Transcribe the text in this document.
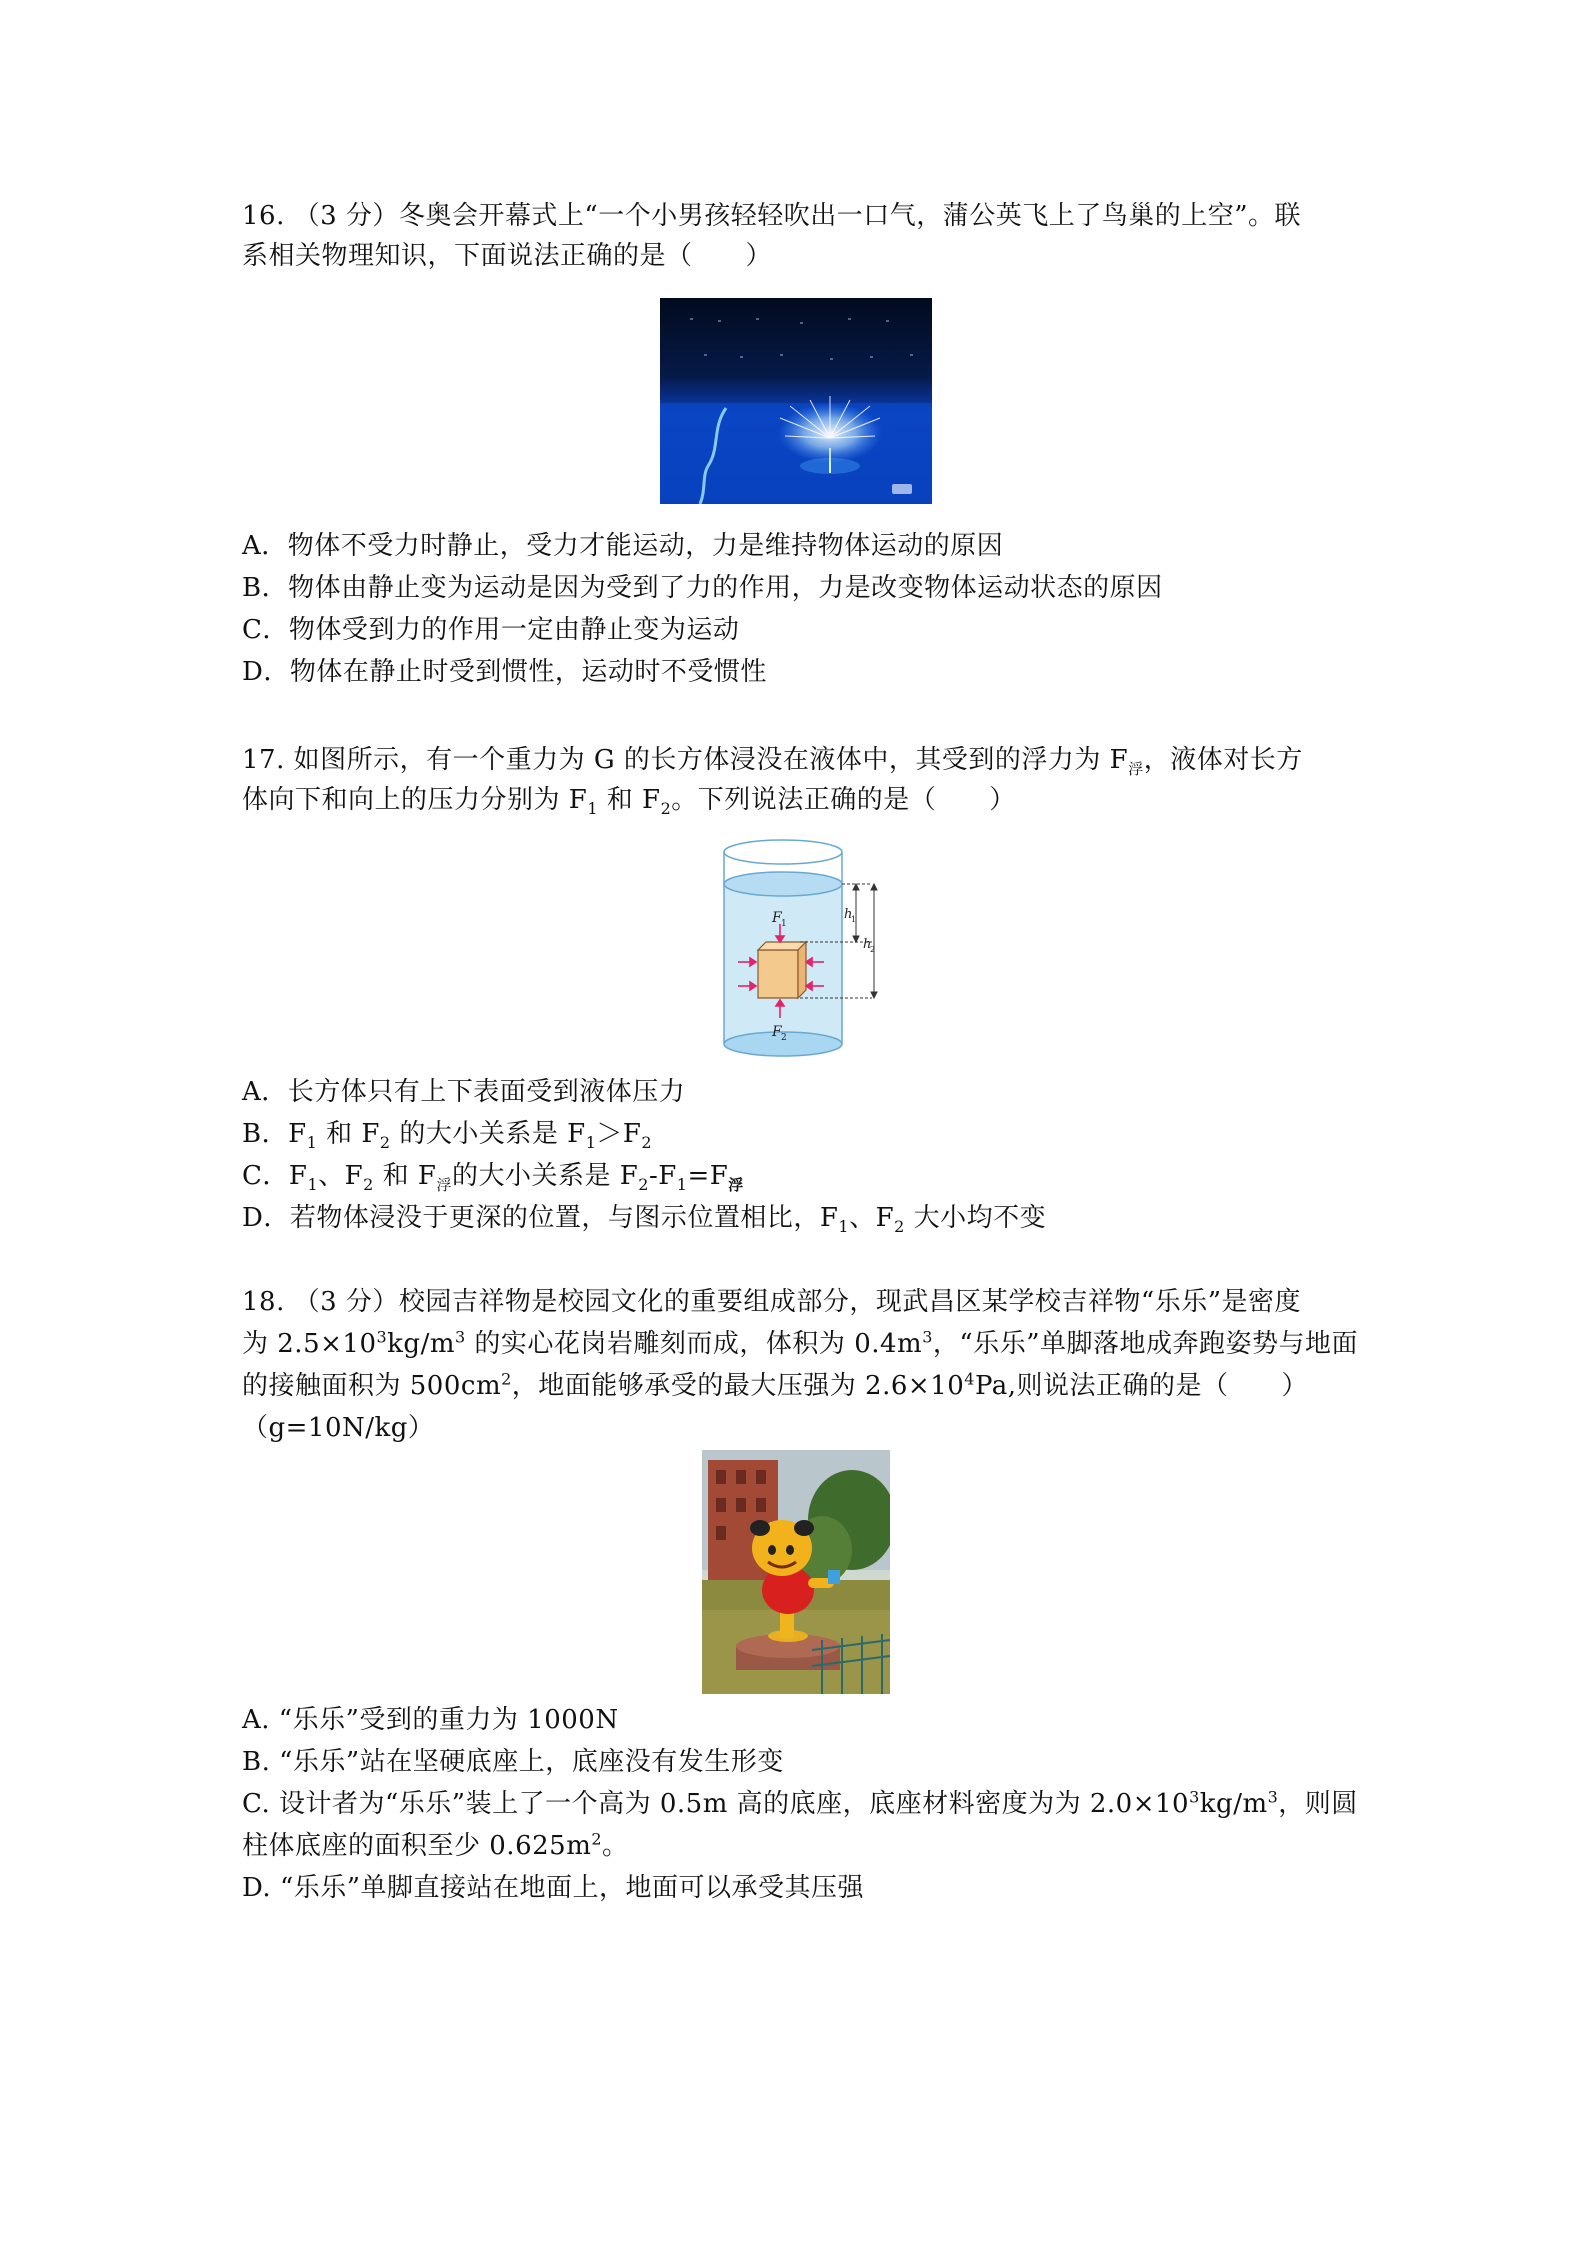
16. （3 分）冬奥会开幕式上“一个小男孩轻轻吹出一口气，蒲公英飞上了鸟巢的上空”。联
系相关物理知识，下面说法正确的是（　　）
A．物体不受力时静止，受力才能运动，力是维持物体运动的原因
B．物体由静止变为运动是因为受到了力的作用，力是改变物体运动状态的原因
C．物体受到力的作用一定由静止变为运动
D．物体在静止时受到惯性，运动时不受惯性
17. 如图所示，有一个重力为 G 的长方体浸没在液体中，其受到的浮力为 $F_浮$，液体对长方
体向下和向上的压力分别为 $F_1$ 和 $F_2$。下列说法正确的是（　　）
F 1
F 2
h
1
h
2
A．长方体只有上下表面受到液体压力
B．$F_1$ 和 $F_2$ 的大小关系是 $F_1>F_2$
C．$F_1$、$F_2$ 和 $F_浮$的大小关系是 $F_2-F_1=F_浮$
D．若物体浸没于更深的位置，与图示位置相比，$F_1$、$F_2$ 大小均不变
18. （3 分）校园吉祥物是校园文化的重要组成部分，现武昌区某学校吉祥物“乐乐”是密度
为 $2.5\times 10^3kg/m^3$ 的实心花岗岩雕刻而成，体积为 $0.4m^3$，“乐乐”单脚落地成奔跑姿势与地面
的接触面积为 $500cm^2$，地面能够承受的最大压强为 $2.6\times 10^4Pa$,则说法正确的是（　　）
（g=10N/kg）
A. “乐乐”受到的重力为 1000N
B. “乐乐”站在坚硬底座上，底座没有发生形变
C. 设计者为“乐乐”装上了一个高为 0.5m 高的底座，底座材料密度为为 $2.0\times 10^3kg/m^3$，则圆
柱体底座的面积至少 $0.625m^2$。
D. “乐乐”单脚直接站在地面上，地面可以承受其压强
